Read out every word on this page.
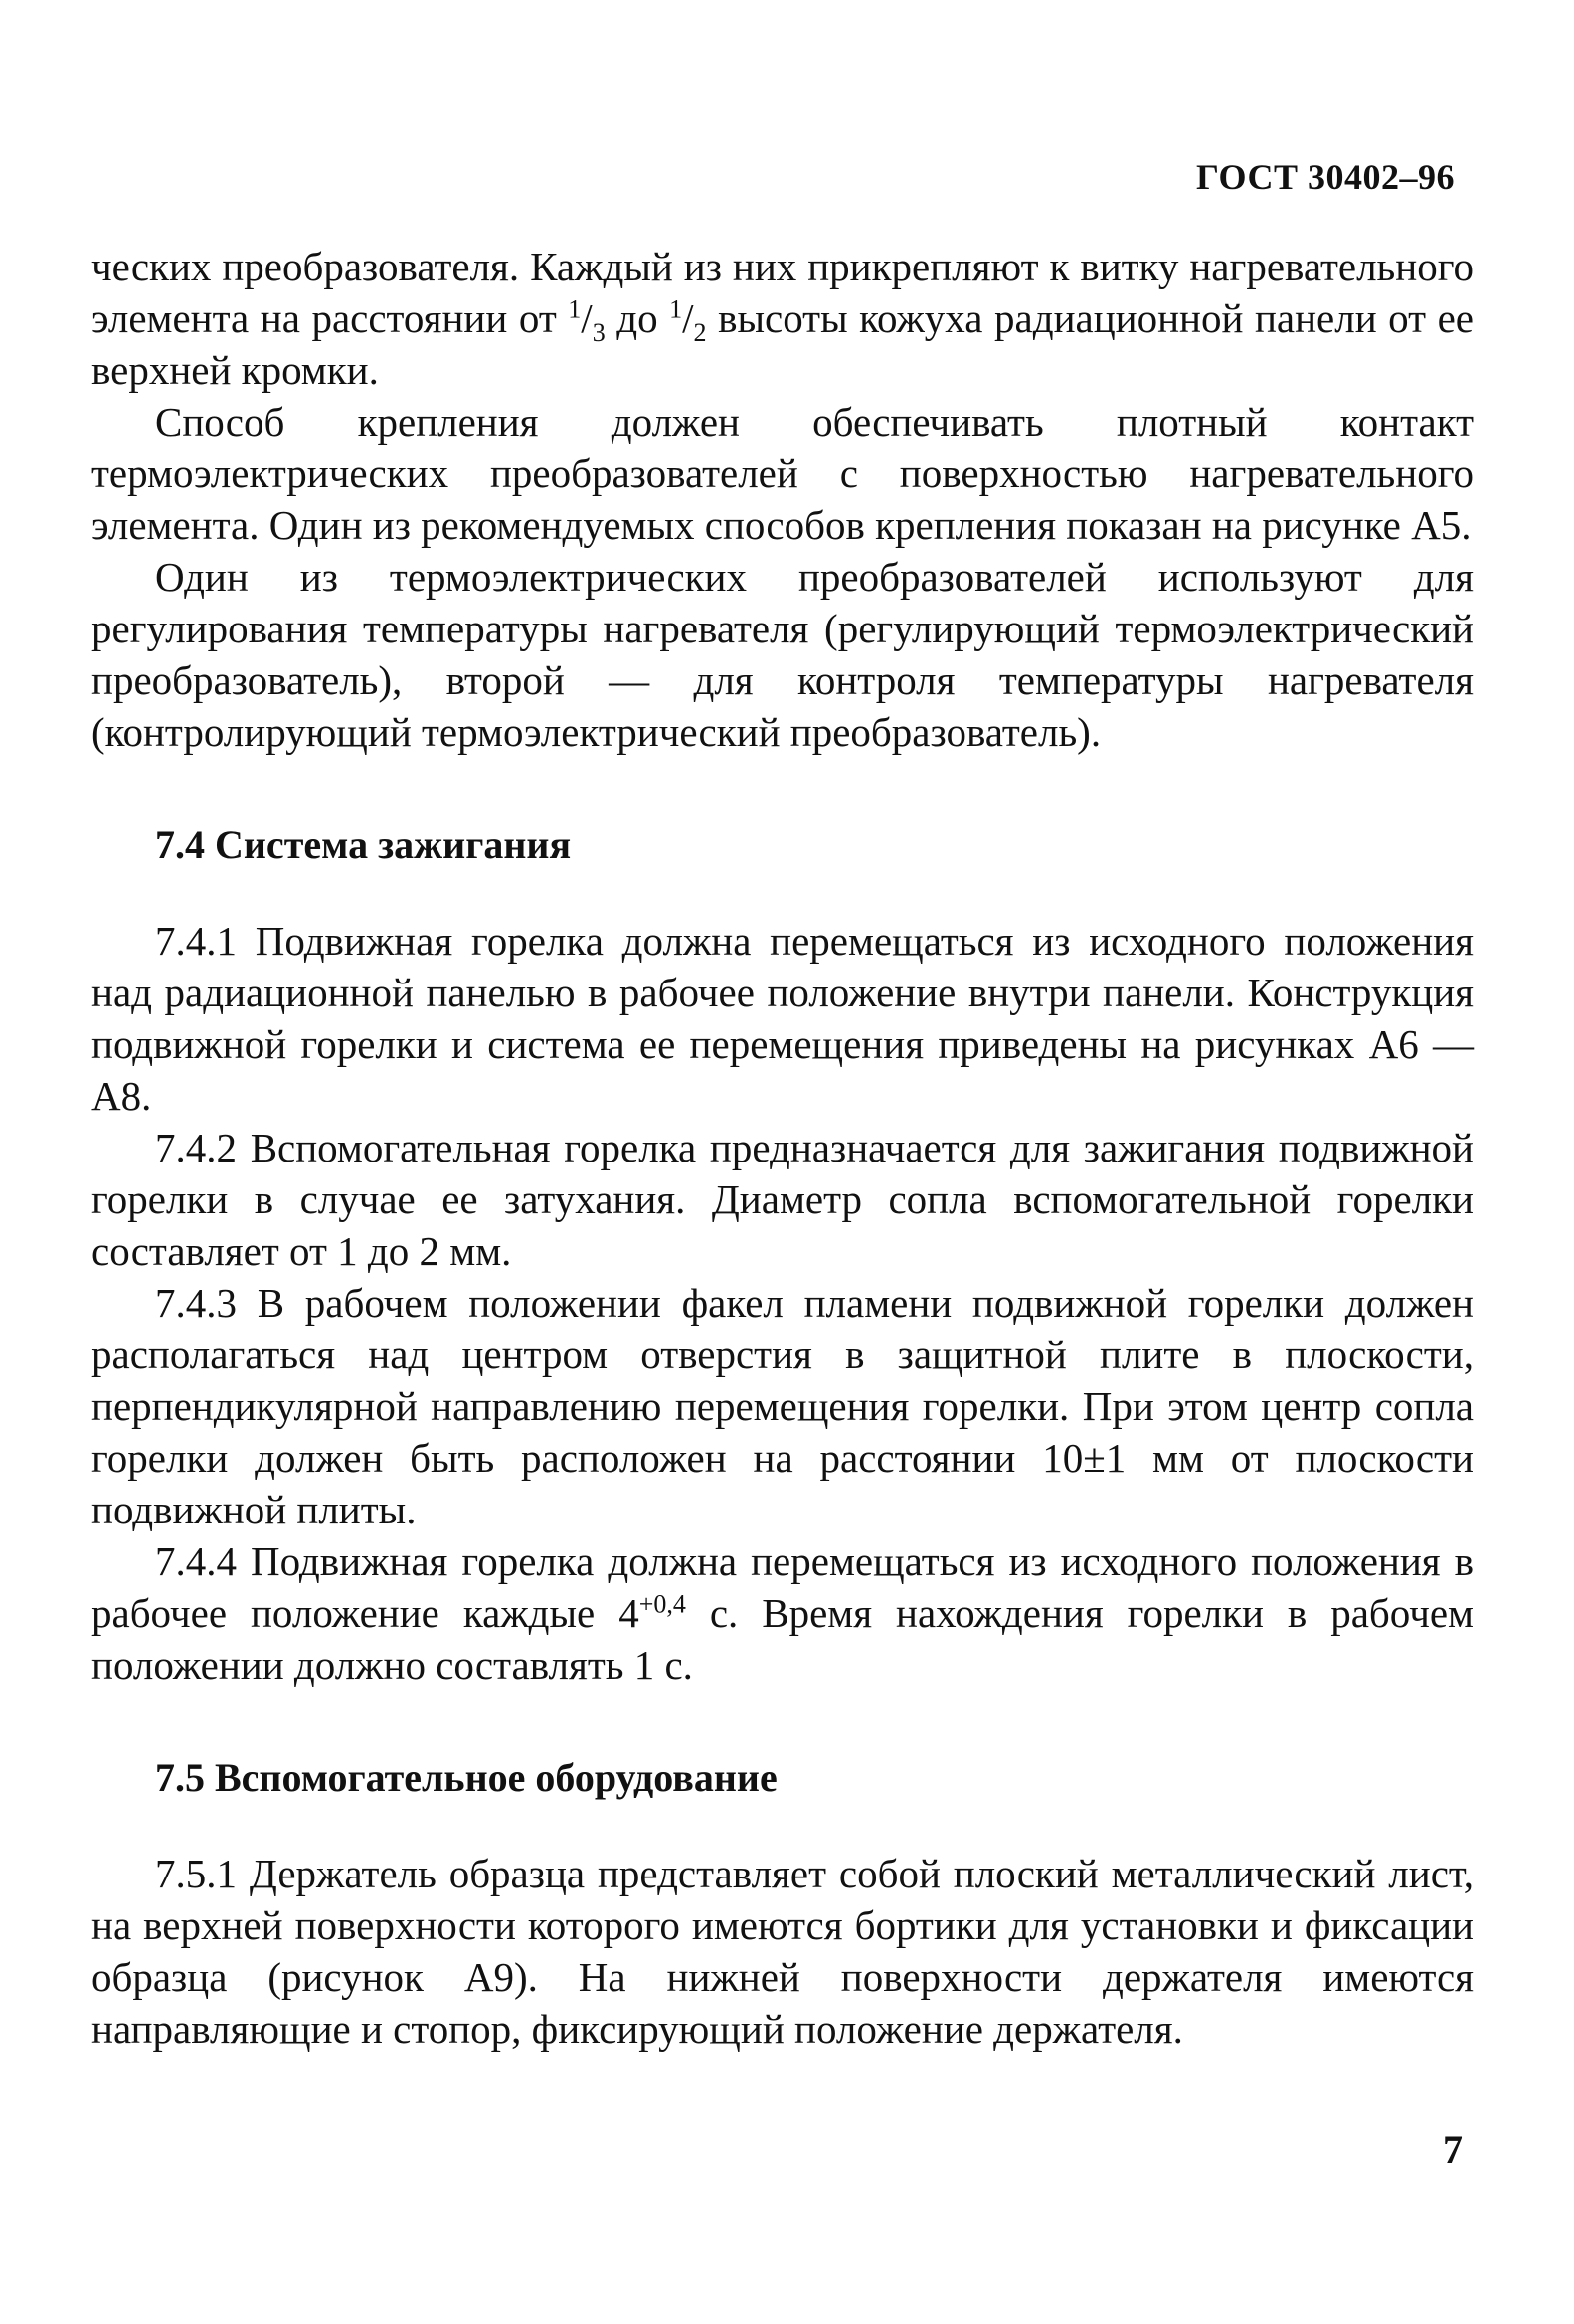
ГОСТ 30402–96

ческих преобразователя. Каждый из них прикрепляют к витку нагревательного элемента на расстоянии от $^1/_3$ до $^1/_2$ высоты кожуха радиационной панели от ее верхней кромки.

Способ крепления должен обеспечивать плотный контакт термоэлектрических преобразователей с поверхностью нагревательного элемента. Один из рекомендуемых способов крепления показан на рисунке А5.

Один из термоэлектрических преобразователей используют для регулирования температуры нагревателя (регулирующий термоэлектрический преобразователь), второй — для контроля температуры нагревателя (контролирующий термоэлектрический преобразователь).

7.4 Система зажигания

7.4.1 Подвижная горелка должна перемещаться из исходного положения над радиационной панелью в рабочее положение внутри панели. Конструкция подвижной горелки и система ее перемещения приведены на рисунках А6 — А8.

7.4.2 Вспомогательная горелка предназначается для зажигания подвижной горелки в случае ее затухания. Диаметр сопла вспомогательной горелки составляет от 1 до 2 мм.

7.4.3 В рабочем положении факел пламени подвижной горелки должен располагаться над центром отверстия в защитной плите в плоскости, перпендикулярной направлению перемещения горелки. При этом центр сопла горелки должен быть расположен на расстоянии 10±1 мм от плоскости подвижной плиты.

7.4.4 Подвижная горелка должна перемещаться из исходного положения в рабочее положение каждые $4^{+0,4}$ с. Время нахождения горелки в рабочем положении должно составлять 1 с.

7.5 Вспомогательное оборудование

7.5.1 Держатель образца представляет собой плоский металлический лист, на верхней поверхности которого имеются бортики для установки и фиксации образца (рисунок А9). На нижней поверхности держателя имеются направляющие и стопор, фиксирующий положение держателя.

7
